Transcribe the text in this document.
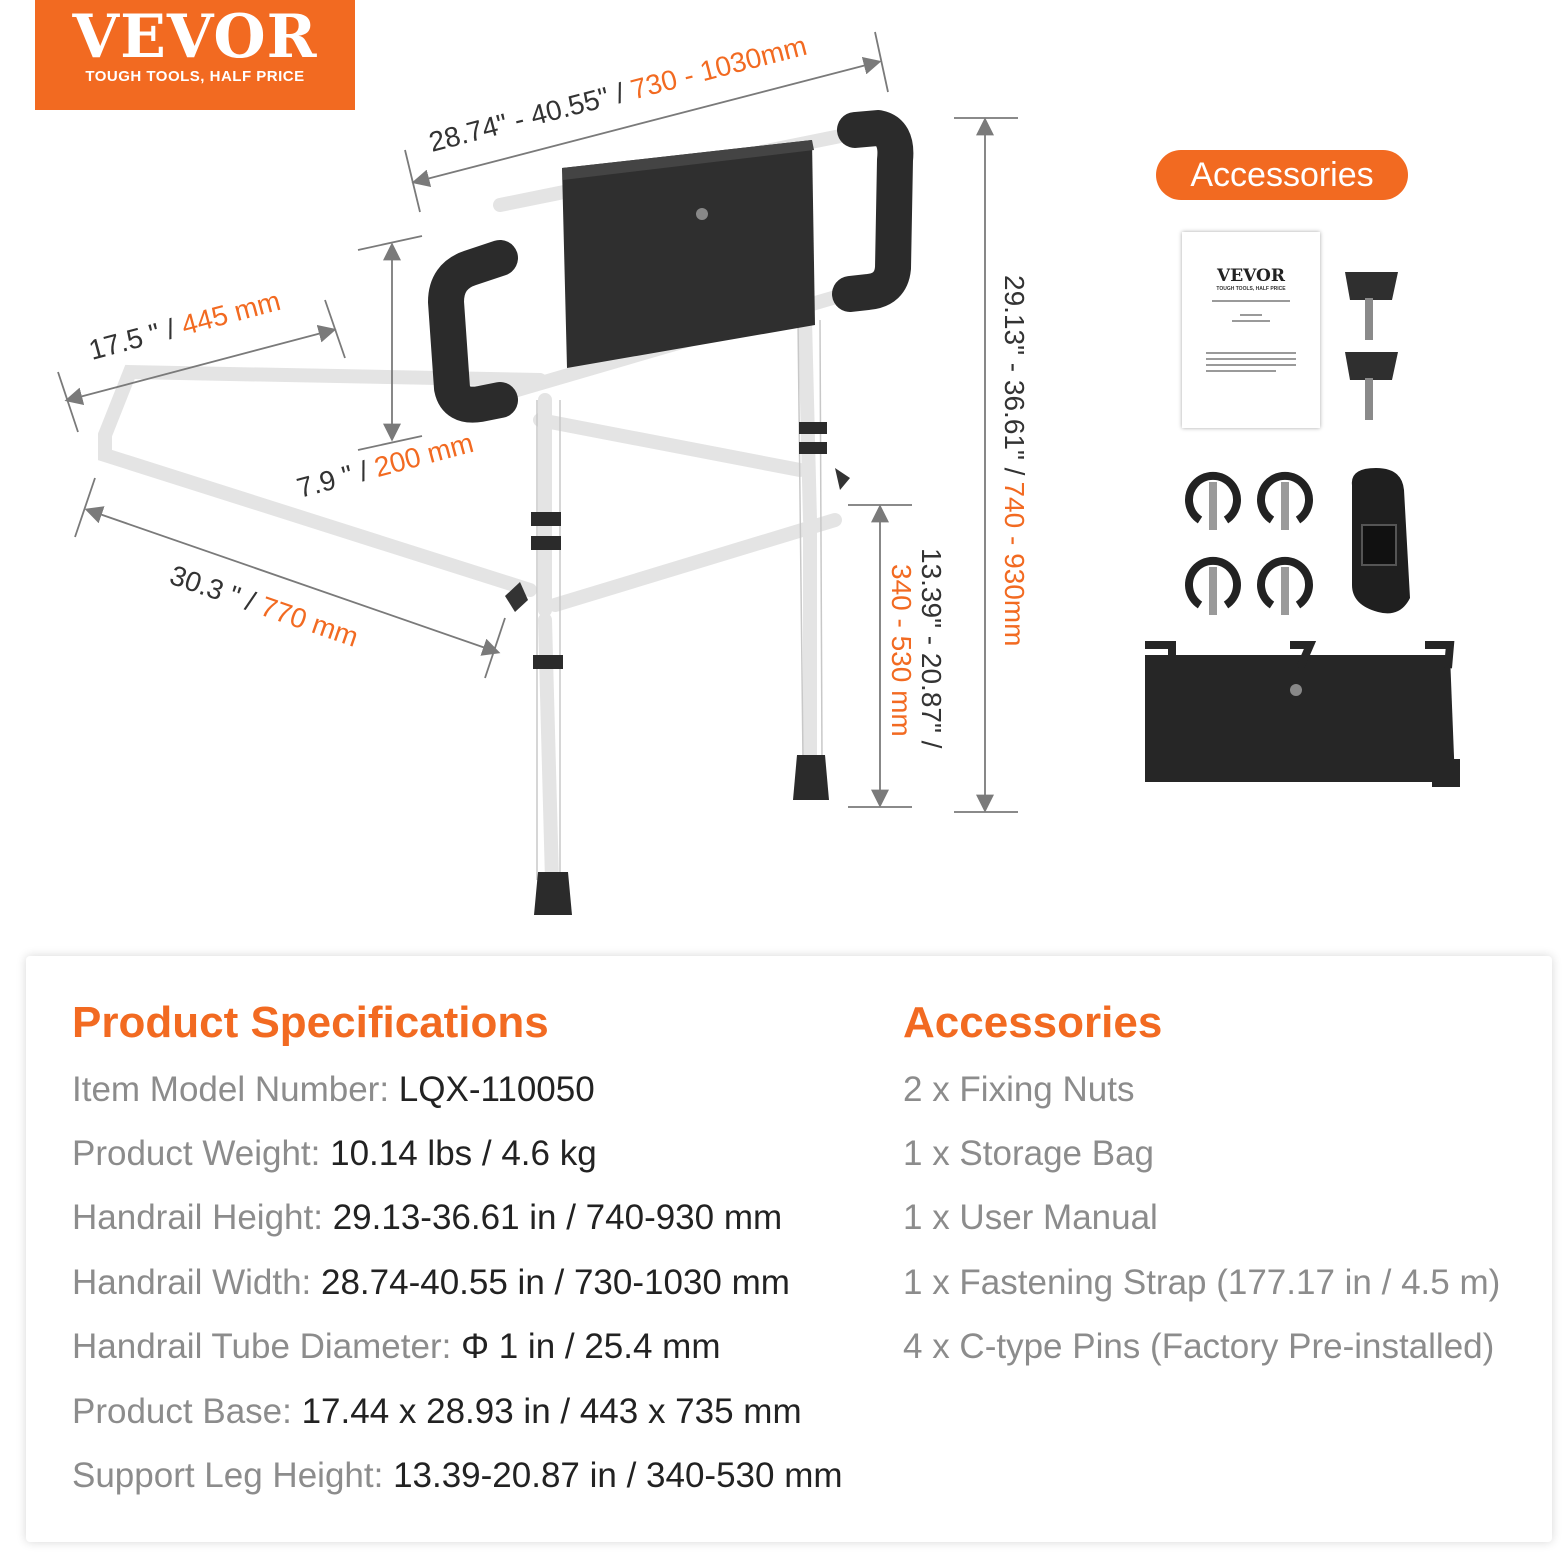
VEVOR
TOUGH TOOLS, HALF PRICE
28.74" - 40.55" /730 - 1030mm
17.5 " /445 mm
7.9 " /200 mm
30.3 " /770 mm	13.39" - 20.87" /
340 - 530 mm
29.13" - 36.61" /740 - 930mm
Accessories
VEVOR
TOUGH TOOLS, HALF PRICE
Product Specifications	Accessories
Item Model Number: LQX-110050
Product Weight: 10.14 lbs / 4.6 kg
Handrail Height: 29.13-36.61 in / 740-930 mm
Handrail Width: 28.74-40.55 in / 730-1030 mm
Handrail Tube Diameter: Φ 1 in / 25.4 mm
Product Base: 17.44 x 28.93 in / 443 x 735 mm
Support Leg Height: 13.39-20.87 in / 340-530 mm
2 x Fixing Nuts
1 x Storage Bag
1 x User Manual
1 x Fastening Strap (177.17 in / 4.5 m)
4 x C-type Pins (Factory Pre-installed)
